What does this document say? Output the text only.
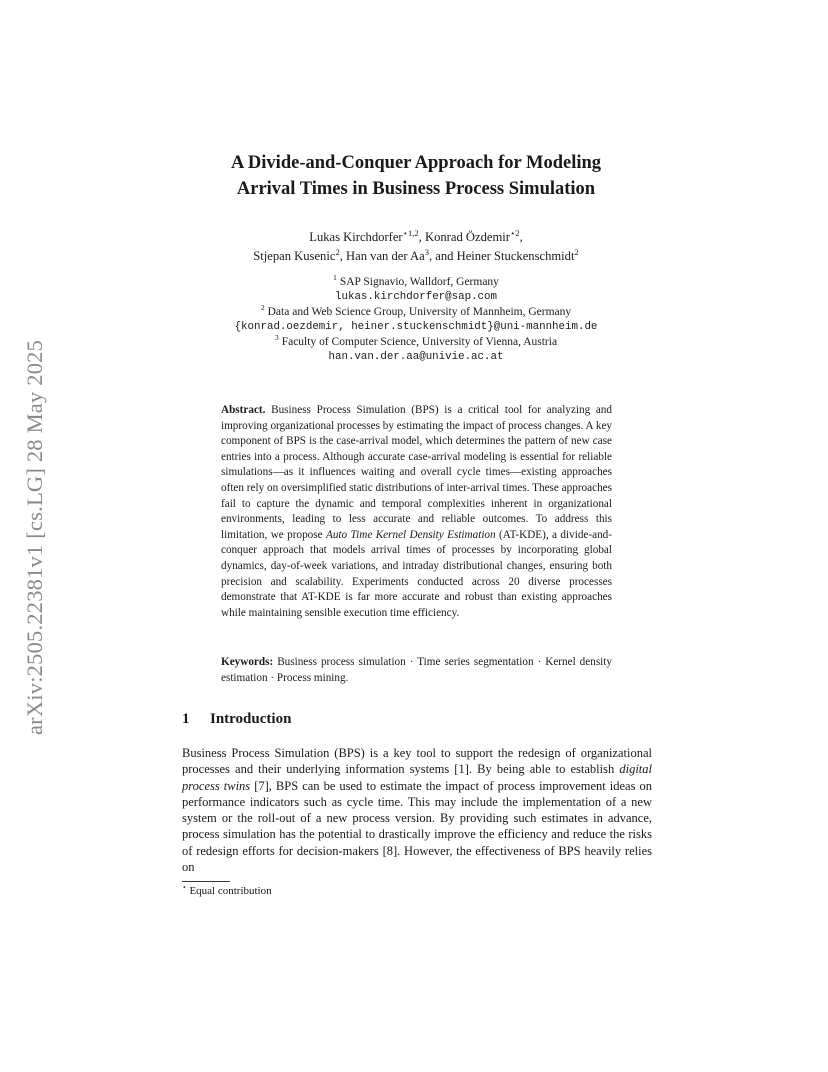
arXiv:2505.22381v1 [cs.LG] 28 May 2025
A Divide-and-Conquer Approach for Modeling
Arrival Times in Business Process Simulation
Lukas Kirchdorfer$^{⋆1,2}$, Konrad Özdemir$^{⋆2}$,
Stjepan Kusenic$^2$, Han van der Aa$^3$, and Heiner Stuckenschmidt$^2$
$^1$ SAP Signavio, Walldorf, Germany
lukas.kirchdorfer@sap.com
$^2$ Data and Web Science Group, University of Mannheim, Germany
{konrad.oezdemir, heiner.stuckenschmidt}@uni-mannheim.de
$^3$ Faculty of Computer Science, University of Vienna, Austria
han.van.der.aa@univie.ac.at
Abstract. Business Process Simulation (BPS) is a critical tool for analyzing and improving organizational processes by estimating the impact of process changes. A key component of BPS is the case-arrival model, which determines the pattern of new case entries into a process. Although accurate case-arrival modeling is essential for reliable simulations—as it influences waiting and overall cycle times—existing approaches often rely on oversimplified static distributions of inter-arrival times. These approaches fail to capture the dynamic and temporal complexities inherent in organizational environments, leading to less accurate and reliable outcomes. To address this limitation, we propose Auto Time Kernel Density Estimation (AT-KDE), a divide-and-conquer approach that models arrival times of processes by incorporating global dynamics, day-of-week variations, and intraday distributional changes, ensuring both precision and scalability. Experiments conducted across 20 diverse processes demonstrate that AT-KDE is far more accurate and robust than existing approaches while maintaining sensible execution time efficiency.
Keywords: Business process simulation · Time series segmentation · Kernel density estimation · Process mining.
1 Introduction
Business Process Simulation (BPS) is a key tool to support the redesign of organizational processes and their underlying information systems [1]. By being able to establish digital process twins [7], BPS can be used to estimate the impact of process improvement ideas on performance indicators such as cycle time. This may include the implementation of a new system or the roll-out of a new process version. By providing such estimates in advance, process simulation has the potential to drastically improve the efficiency and reduce the risks of redesign efforts for decision-makers [8]. However, the effectiveness of BPS heavily relies on
⋆ Equal contribution
